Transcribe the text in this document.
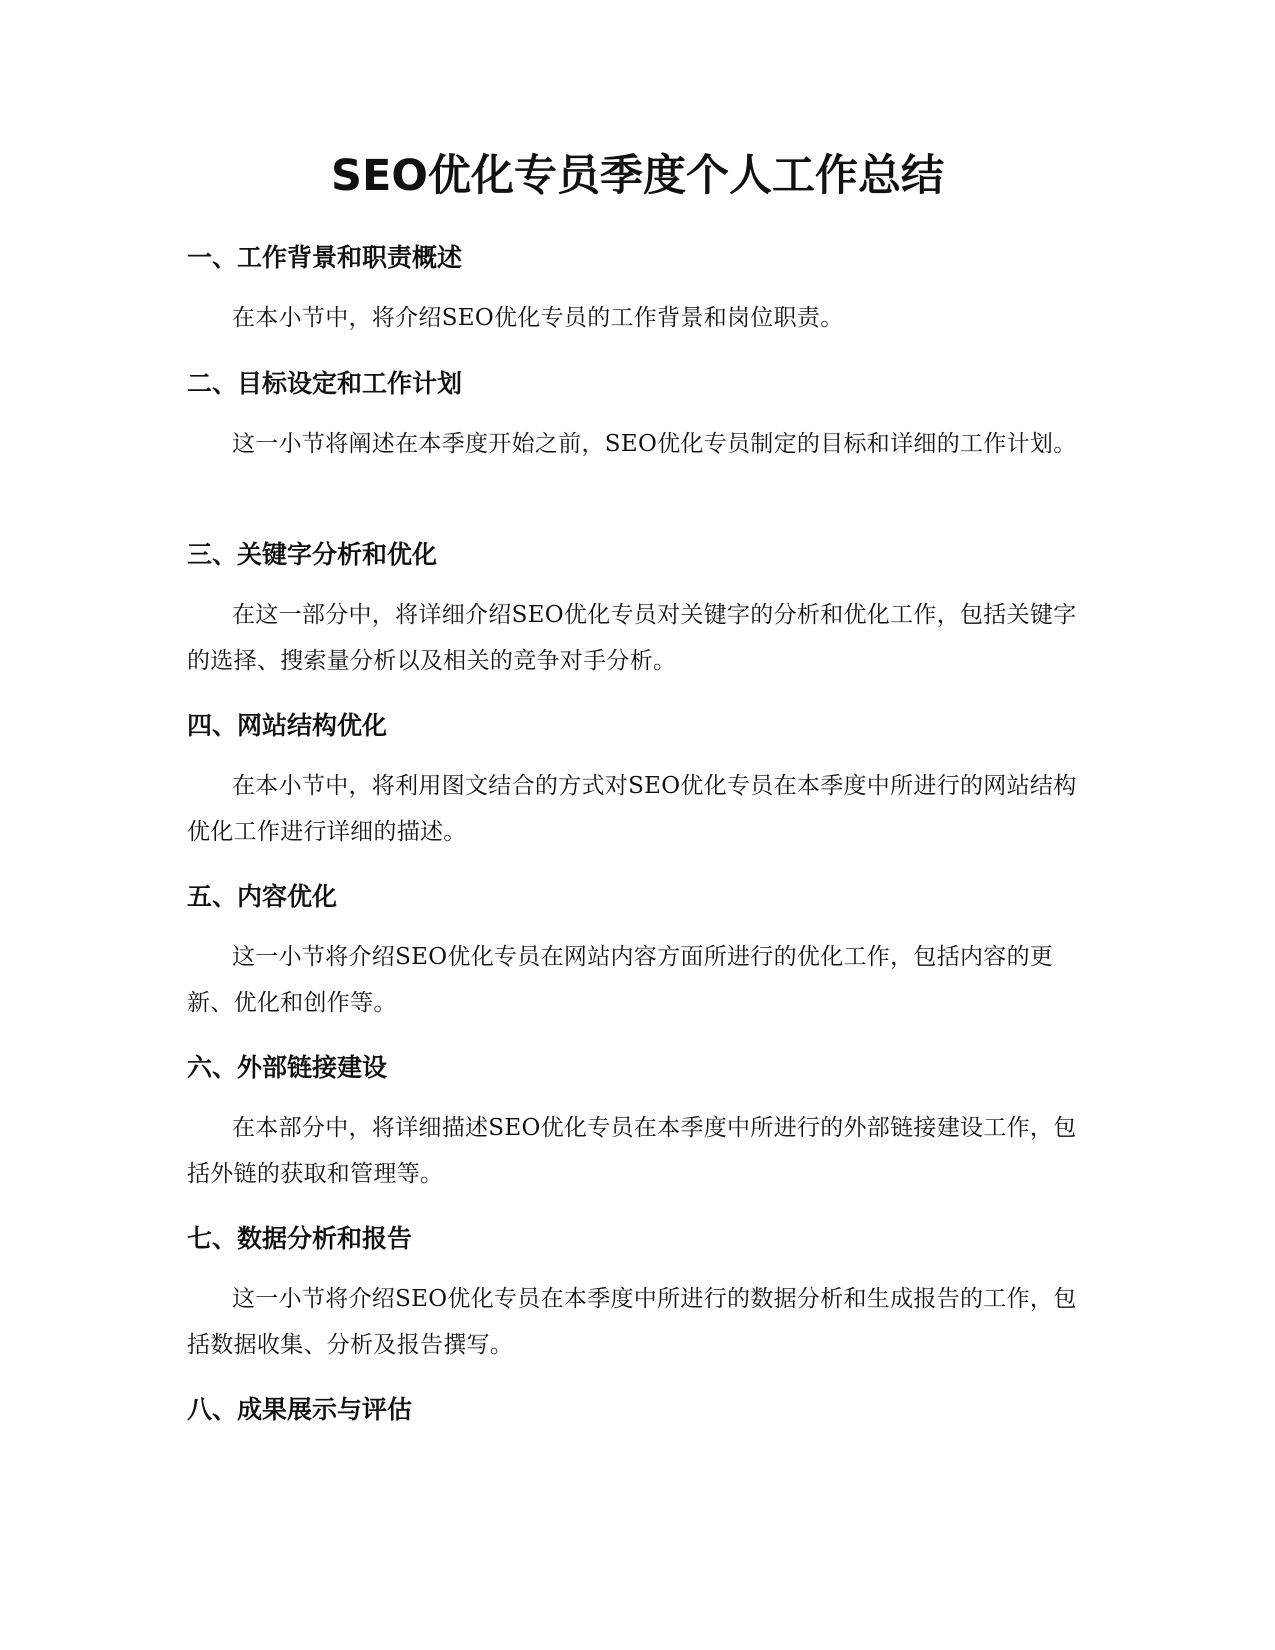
SEO优化专员季度个人工作总结
一、工作背景和职责概述

在本小节中，将介绍SEO优化专员的工作背景和岗位职责。

二、目标设定和工作计划

这一小节将阐述在本季度开始之前，SEO优化专员制定的目标和详细的工作计划。

三、关键字分析和优化

在这一部分中，将详细介绍SEO优化专员对关键字的分析和优化工作，包括关键字的选择、搜索量分析以及相关的竞争对手分析。

四、网站结构优化

在本小节中，将利用图文结合的方式对SEO优化专员在本季度中所进行的网站结构优化工作进行详细的描述。

五、内容优化

这一小节将介绍SEO优化专员在网站内容方面所进行的优化工作，包括内容的更新、优化和创作等。

六、外部链接建设

在本部分中，将详细描述SEO优化专员在本季度中所进行的外部链接建设工作，包括外链的获取和管理等。

七、数据分析和报告

这一小节将介绍SEO优化专员在本季度中所进行的数据分析和生成报告的工作，包括数据收集、分析及报告撰写。

八、成果展示与评估
